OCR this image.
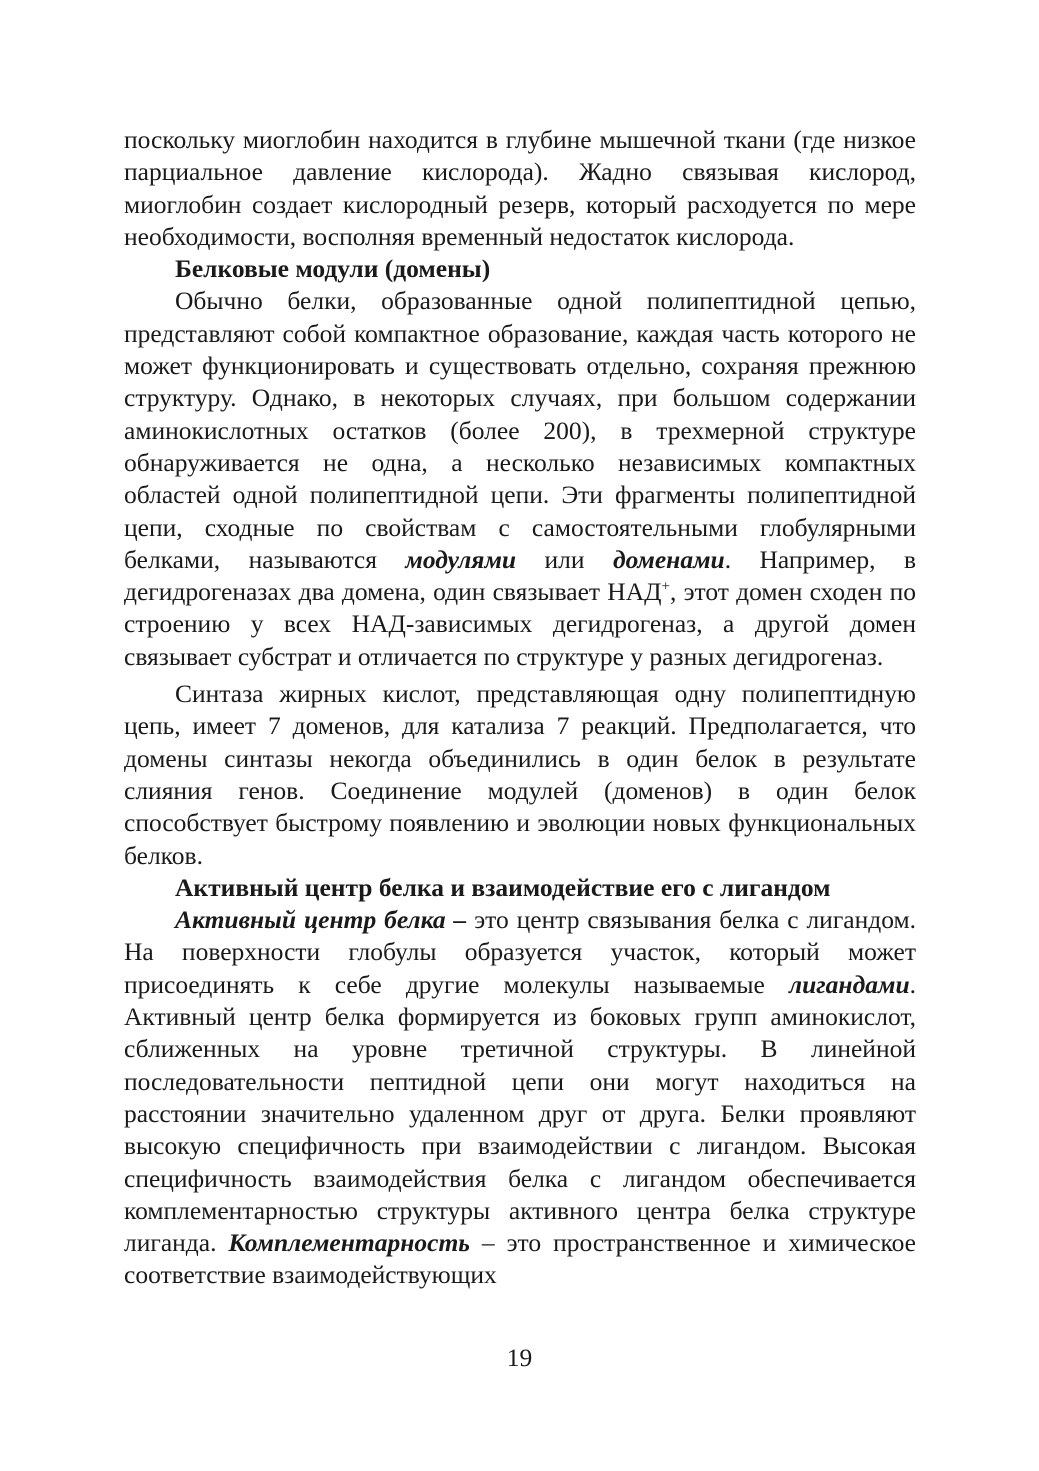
поскольку миоглобин находится в глубине мышечной ткани (где низкое парциальное давление кислорода). Жадно связывая кислород, миоглобин создает кислородный резерв, который расходуется по мере необходимости, восполняя временный недостаток кислорода.

Белковые модули (домены)

Обычно белки, образованные одной полипептидной цепью, представляют собой компактное образование, каждая часть которого не может функционировать и существовать отдельно, сохраняя прежнюю структуру. Однако, в некоторых случаях, при большом содержании аминокислотных остатков (более 200), в трехмерной структуре обнаруживается не одна, а несколько независимых компактных областей одной полипептидной цепи. Эти фрагменты полипептидной цепи, сходные по свойствам с самостоятельными глобулярными белками, называются модулями или доменами. Например, в дегидрогеназах два домена, один связывает НАД+, этот домен сходен по строению у всех НАД-зависимых дегидрогеназ, а другой домен связывает субстрат и отличается по структуре у разных дегидрогеназ.

Синтаза жирных кислот, представляющая одну полипептидную цепь, имеет 7 доменов, для катализа 7 реакций. Предполагается, что домены синтазы некогда объединились в один белок в результате слияния генов. Соединение модулей (доменов) в один белок способствует быстрому появлению и эволюции новых функциональных белков.

Активный центр белка и взаимодействие его с лигандом

Активный центр белка – это центр связывания белка с лигандом. На поверхности глобулы образуется участок, который может присоединять к себе другие молекулы называемые лигандами. Активный центр белка формируется из боковых групп аминокислот, сближенных на уровне третичной структуры. В линейной последовательности пептидной цепи они могут находиться на расстоянии значительно удаленном друг от друга. Белки проявляют высокую специфичность при взаимодействии с лигандом. Высокая специфичность взаимодействия белка с лигандом обеспечивается комплементарностью структуры активного центра белка структуре лиганда. Комплементарность – это пространственное и химическое соответствие взаимодействующих

19
